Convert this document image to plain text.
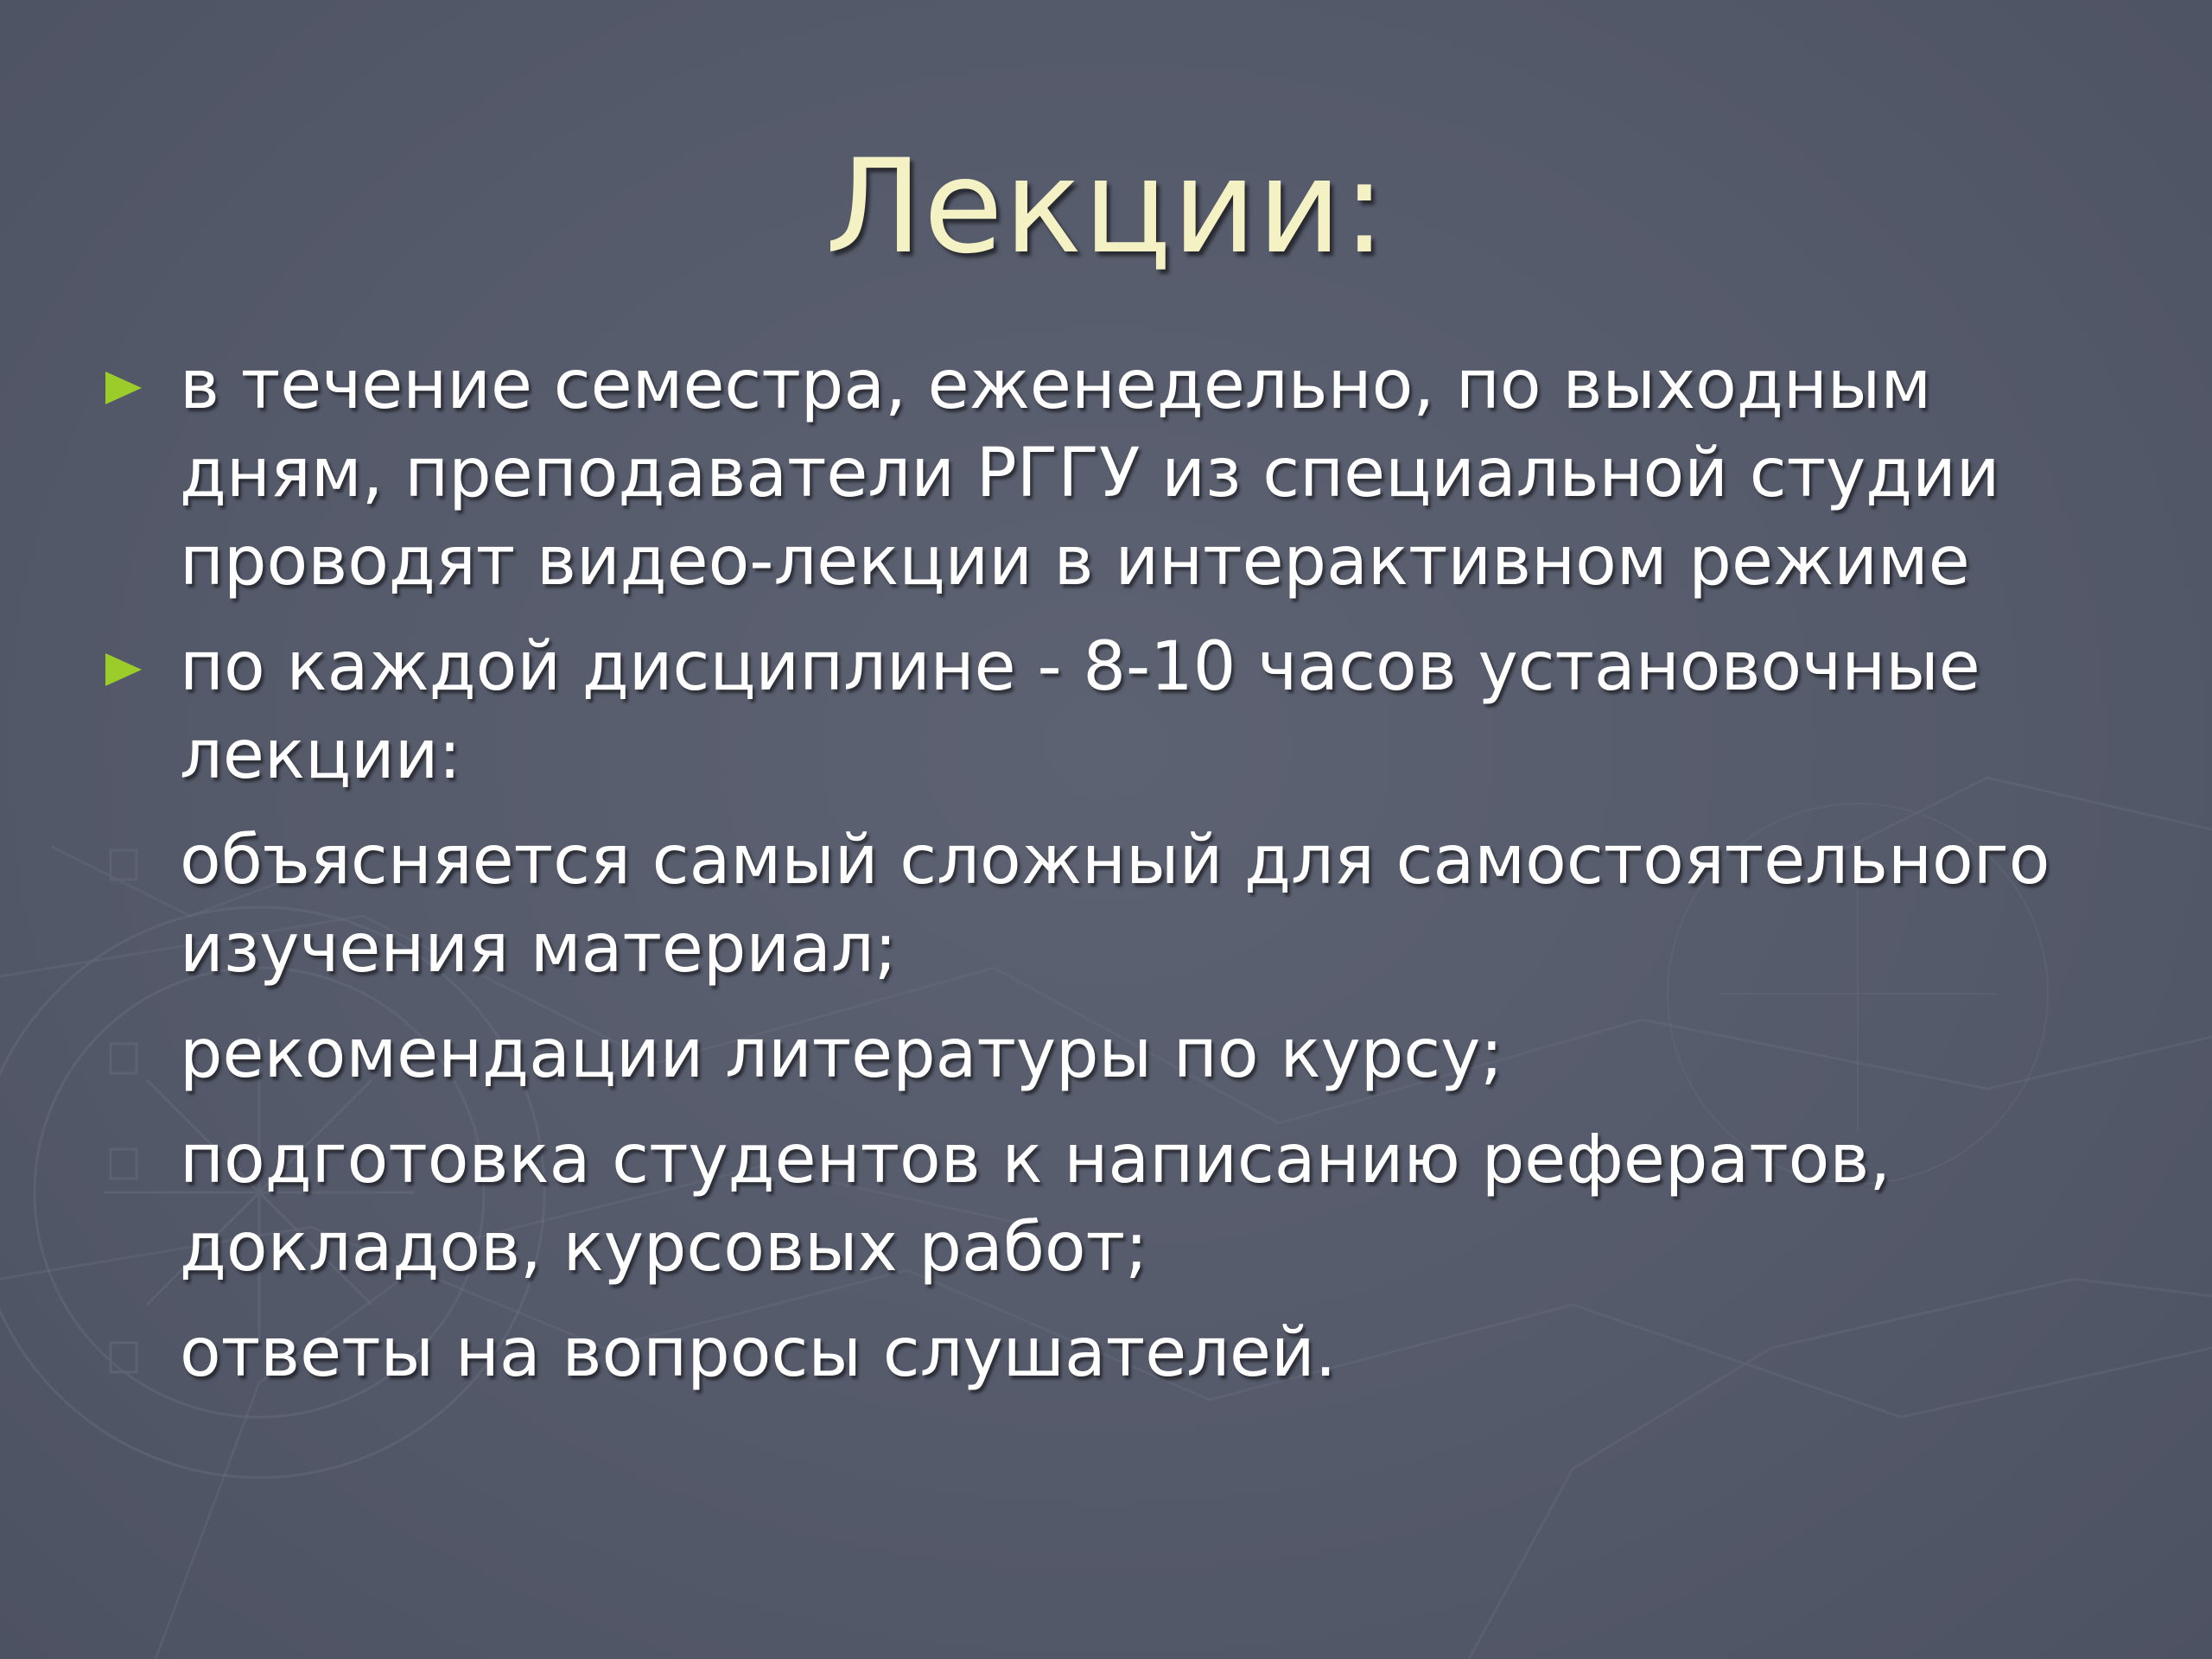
Лекции:
в течение семестра, еженедельно, по выходным дням, преподаватели РГГУ из специальной студии проводят видео-лекции в интерактивном режиме
по каждой дисциплине - 8-10 часов установочные лекции:
объясняется самый сложный для самостоятельного изучения материал;
рекомендации литературы по курсу;
подготовка студентов к написанию рефератов, докладов, курсовых работ;
ответы на вопросы слушателей.
